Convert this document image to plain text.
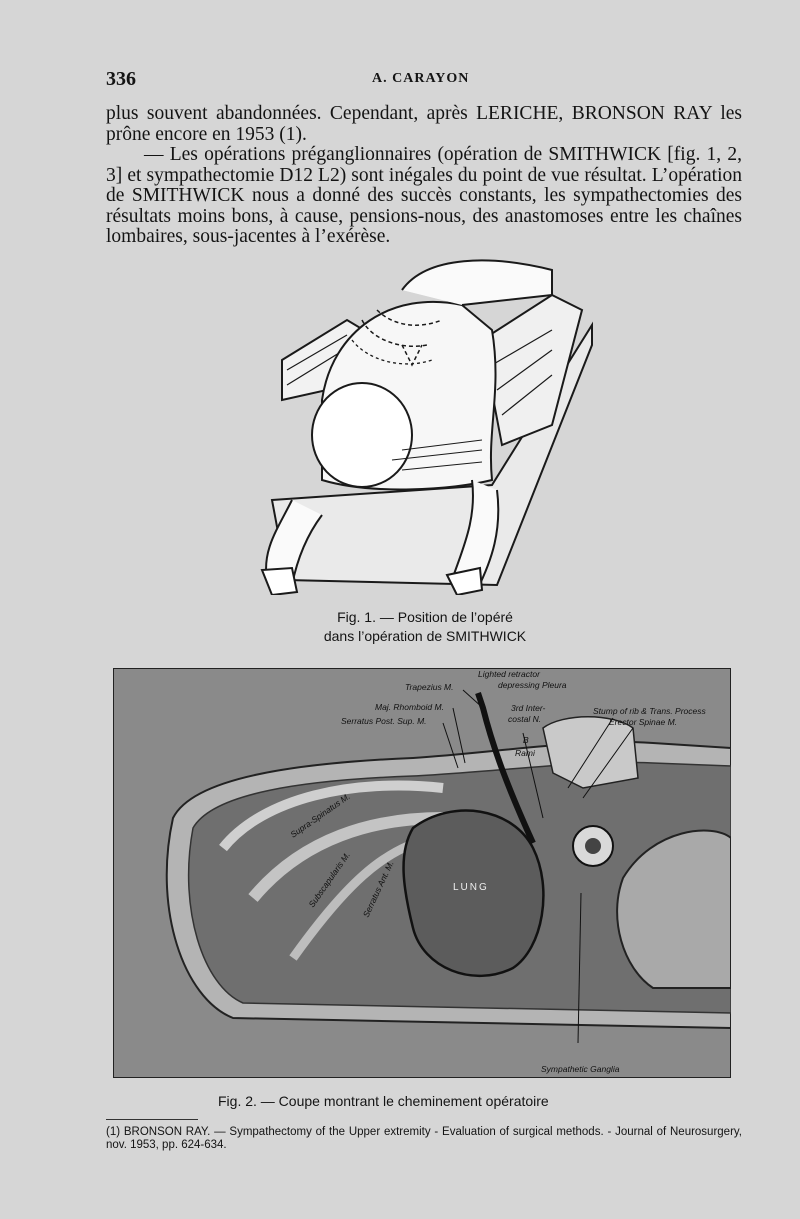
336	A. CARAYON

plus souvent abandonnées. Cependant, après LERICHE, BRONSON RAY les prône encore en 1953 (1).

— Les opérations préganglionnaires (opération de SMITHWICK [fig. 1, 2, 3] et sympathectomie D12 L2) sont inégales du point de vue résultat. L’opération de SMITHWICK nous a donné des succès constants, les sympathectomies des résultats moins bons, à cause, pensions-nous, des anastomoses entre les chaînes lombaires, sous-jacentes à l’exérèse.

Fig. 1. — Position de l’opéré
dans l’opération de SMITHWICK
Lighted retractor
depressing Pleura
Trapezius M.
Maj. Rhomboid M.
Serratus Post. Sup. M.
3rd Inter-
costal N.
B
Rami
Stump of rib & Trans. Process
Erector Spinae M.
Supra-Spinatus M.
Subscapularis M. Serratus Ant. M.	LUNG
Sympathetic Ganglia
Fig. 2. — Coupe montrant le cheminement opératoire
(1) BRONSON RAY. — Sympathectomy of the Upper extremity - Evaluation of surgical methods. - Journal of Neurosurgery, nov. 1953, pp. 624-634.
